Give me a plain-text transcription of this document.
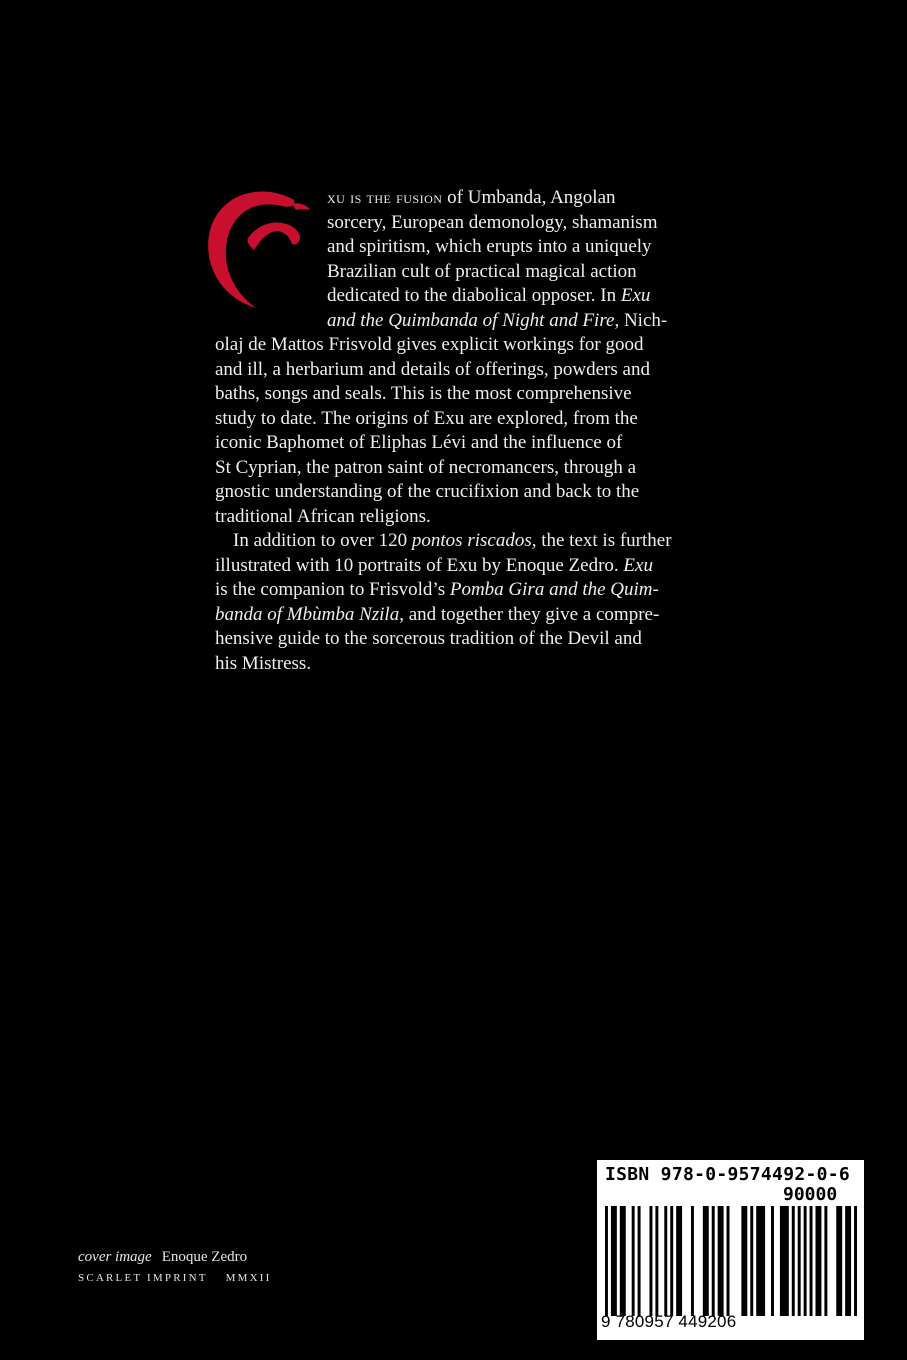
xu is the fusion of Umbanda, Angolan
sorcery, European demonology, shamanism
and spiritism, which erupts into a uniquely
Brazilian cult of practical magical action
dedicated to the diabolical opposer. In Exu
and the Quimbanda of Night and Fire, Nich-
olaj de Mattos Frisvold gives explicit workings for good
and ill, a herbarium and details of offerings, powders and
baths, songs and seals. This is the most comprehensive
study to date. The origins of Exu are explored, from the
iconic Baphomet of Eliphas Lévi and the influence of
St Cyprian, the patron saint of necromancers, through a
gnostic understanding of the crucifixion and back to the
traditional African religions.
In addition to over 120 pontos riscados, the text is further
illustrated with 10 portraits of Exu by Enoque Zedro. Exu
is the companion to Frisvold’s Pomba Gira and the Quim-
banda of Mbùmba Nzila, and together they give a compre-
hensive guide to the sorcerous tradition of the Devil and
his Mistress.
cover image Enoque Zedro
SCARLET IMPRINT MMXII
ISBN 978-0-9574492-0-6
90000
9 780957 449206
